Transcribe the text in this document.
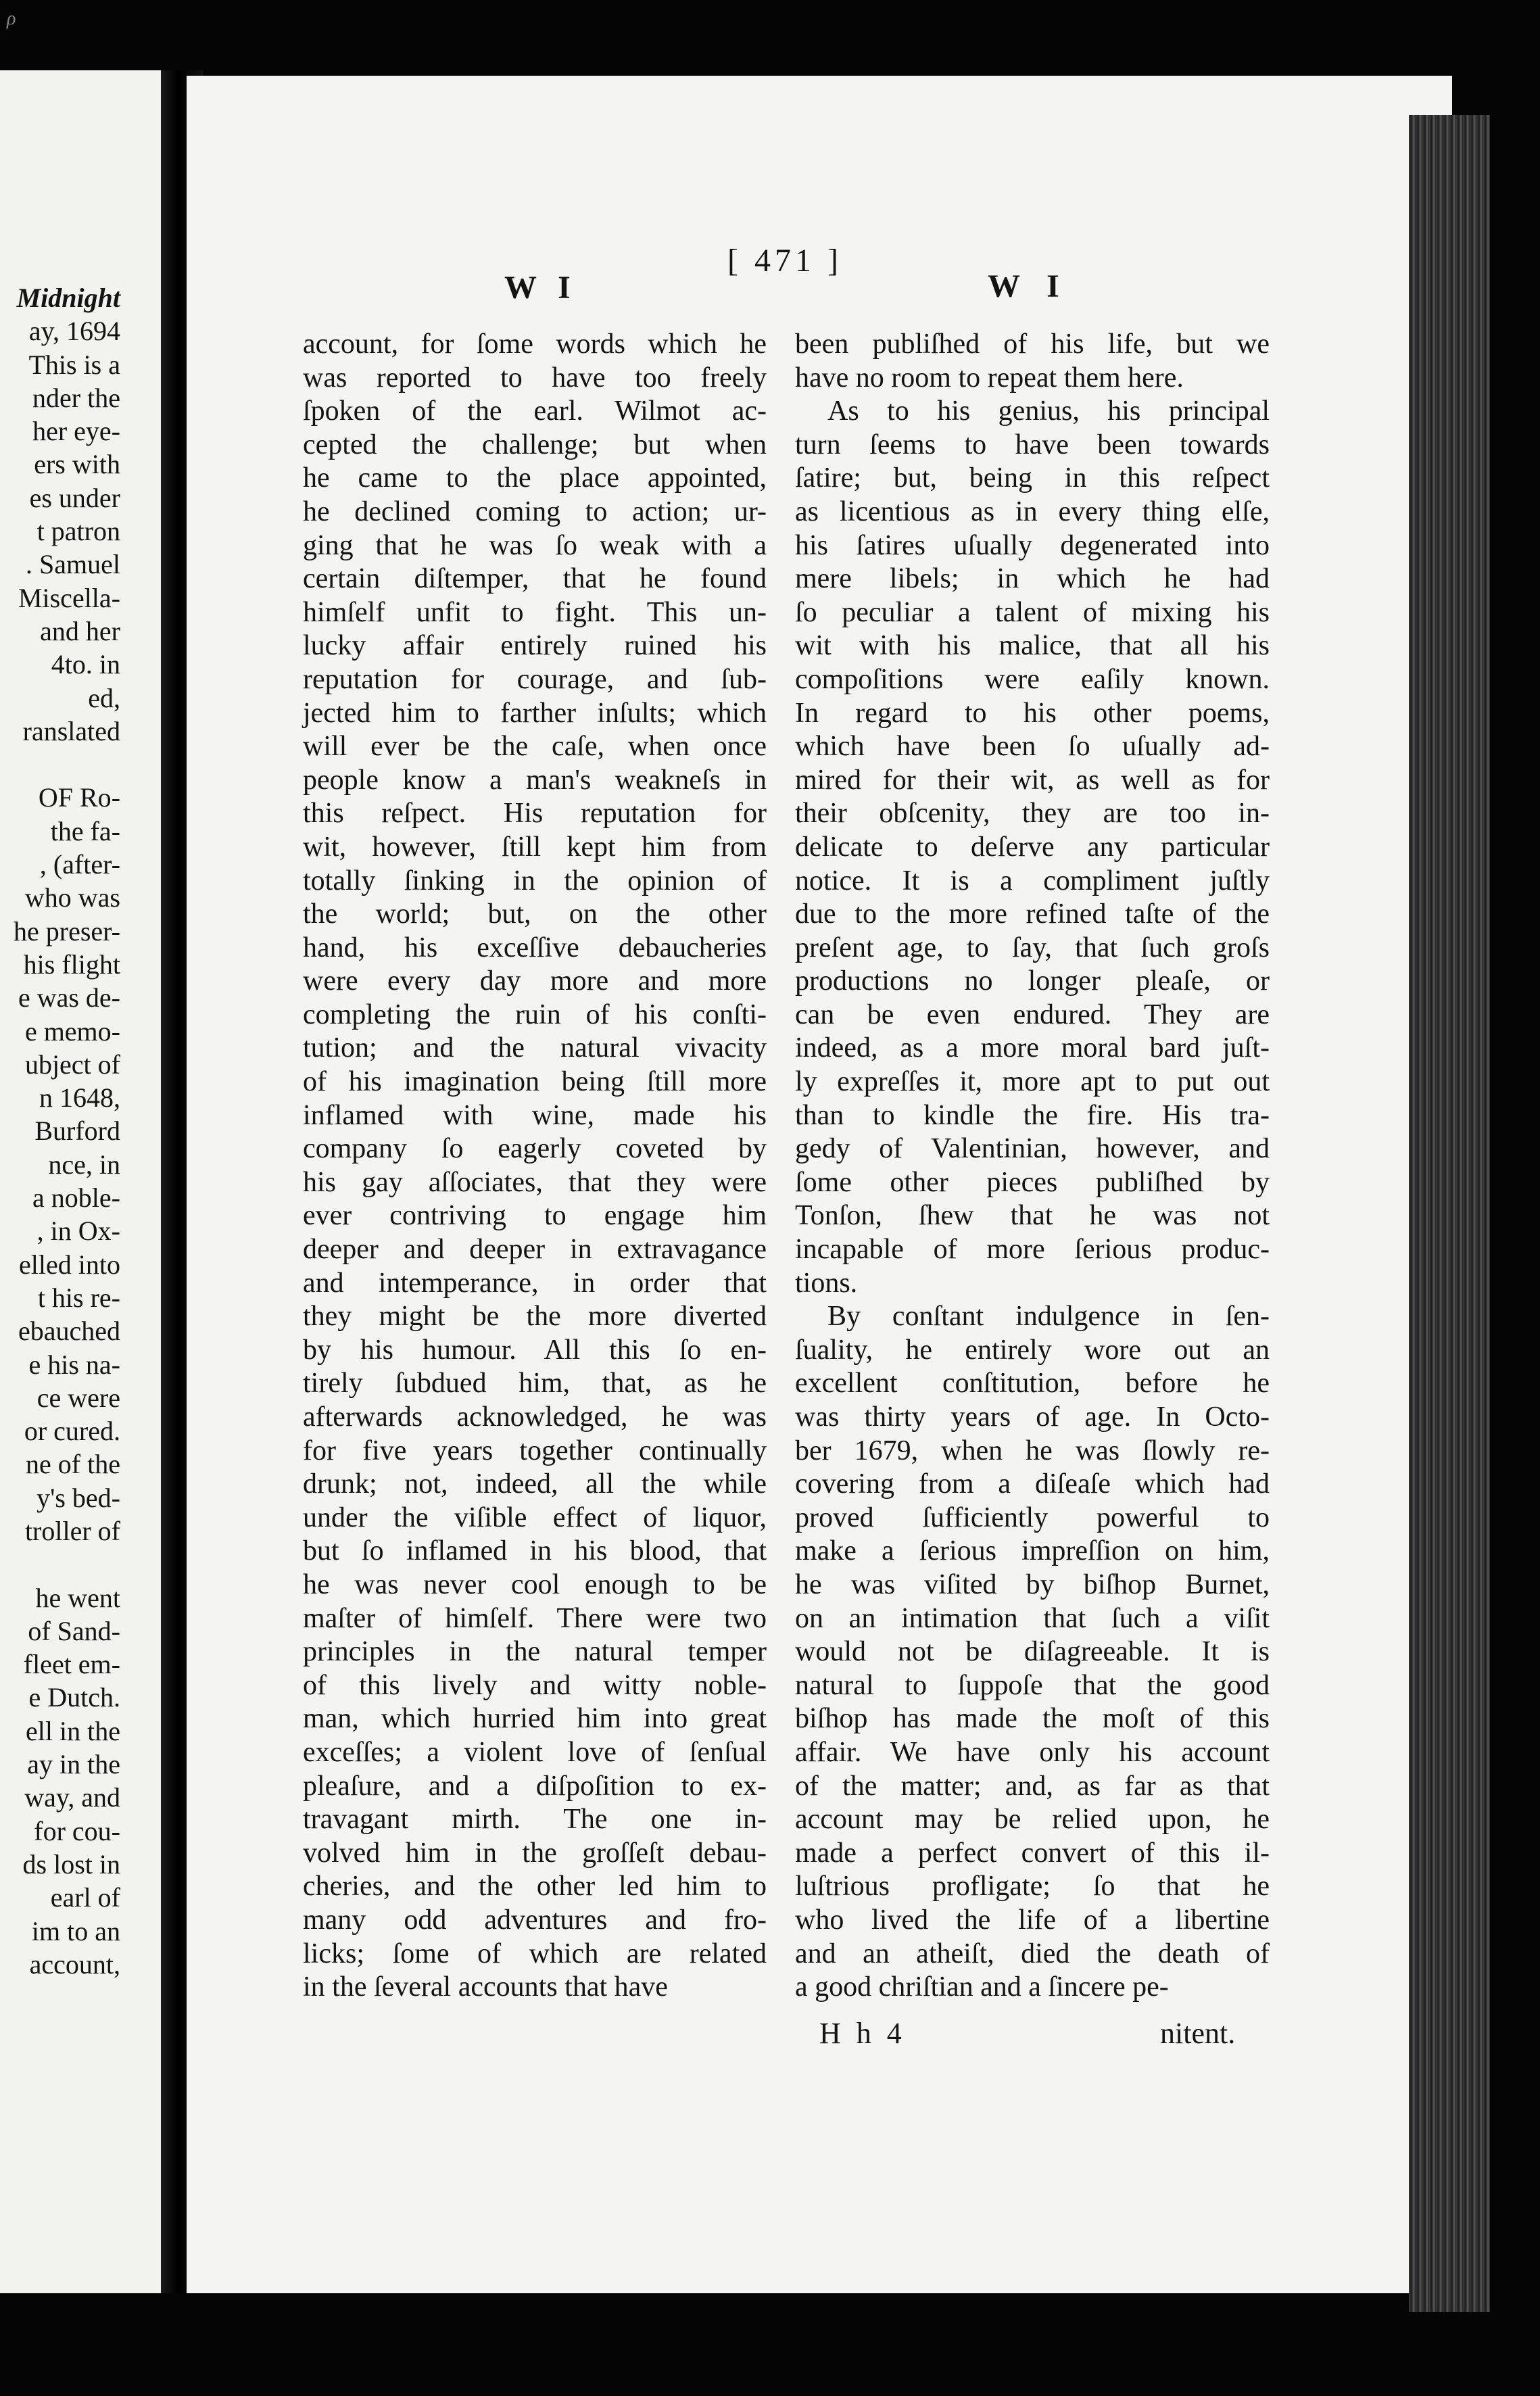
ρ
Midnight
ay, 1694
This is a
nder the
her eye-
ers with
es under
t patron
. Samuel
Miscella-
and her
4to. in
ed,
ranslated
OF Ro-
the fa-
, (after-
who was
he preser-
his flight
e was de-
e memo-
ubject of
n 1648,
Burford
nce, in
a noble-
, in Ox-
elled into
t his re-
ebauched
e his na-
ce were
or cured.
ne of the
y's bed-
troller of
he went
of Sand-
fleet em-
e Dutch.
ell in the
ay in the
way, and
for cou-
ds lost in
earl of
im to an
account,
W I
[ 471 ]
W I
account, for ſome words which he
was reported to have too freely
ſpoken of the earl. Wilmot ac-
cepted the challenge; but when
he came to the place appointed,
he declined coming to action; ur-
ging that he was ſo weak with a
certain diſtemper, that he found
himſelf unfit to fight. This un-
lucky affair entirely ruined his
reputation for courage, and ſub-
jected him to farther inſults; which
will ever be the caſe, when once
people know a man's weakneſs in
this reſpect. His reputation for
wit, however, ſtill kept him from
totally ſinking in the opinion of
the world; but, on the other
hand, his exceſſive debaucheries
were every day more and more
completing the ruin of his conſti-
tution; and the natural vivacity
of his imagination being ſtill more
inflamed with wine, made his
company ſo eagerly coveted by
his gay aſſociates, that they were
ever contriving to engage him
deeper and deeper in extravagance
and intemperance, in order that
they might be the more diverted
by his humour. All this ſo en-
tirely ſubdued him, that, as he
afterwards acknowledged, he was
for five years together continually
drunk; not, indeed, all the while
under the viſible effect of liquor,
but ſo inflamed in his blood, that
he was never cool enough to be
maſter of himſelf. There were two
principles in the natural temper
of this lively and witty noble-
man, which hurried him into great
exceſſes; a violent love of ſenſual
pleaſure, and a diſpoſition to ex-
travagant mirth. The one in-
volved him in the groſſeſt debau-
cheries, and the other led him to
many odd adventures and fro-
licks; ſome of which are related
in the ſeveral accounts that have
been publiſhed of his life, but we
have no room to repeat them here.
As to his genius, his principal
turn ſeems to have been towards
ſatire; but, being in this reſpect
as licentious as in every thing elſe,
his ſatires uſually degenerated into
mere libels; in which he had
ſo peculiar a talent of mixing his
wit with his malice, that all his
compoſitions were eaſily known.
In regard to his other poems,
which have been ſo uſually ad-
mired for their wit, as well as for
their obſcenity, they are too in-
delicate to deſerve any particular
notice. It is a compliment juſtly
due to the more refined taſte of the
preſent age, to ſay, that ſuch groſs
productions no longer pleaſe, or
can be even endured. They are
indeed, as a more moral bard juſt-
ly expreſſes it, more apt to put out
than to kindle the fire. His tra-
gedy of Valentinian, however, and
ſome other pieces publiſhed by
Tonſon, ſhew that he was not
incapable of more ſerious produc-
tions.
By conſtant indulgence in ſen-
ſuality, he entirely wore out an
excellent conſtitution, before he
was thirty years of age. In Octo-
ber 1679, when he was ſlowly re-
covering from a diſeaſe which had
proved ſufficiently powerful to
make a ſerious impreſſion on him,
he was viſited by biſhop Burnet,
on an intimation that ſuch a viſit
would not be diſagreeable. It is
natural to ſuppoſe that the good
biſhop has made the moſt of this
affair. We have only his account
of the matter; and, as far as that
account may be relied upon, he
made a perfect convert of this il-
luſtrious profligate; ſo that he
who lived the life of a libertine
and an atheiſt, died the death of
a good chriſtian and a ſincere pe-
H h 4	nitent.
